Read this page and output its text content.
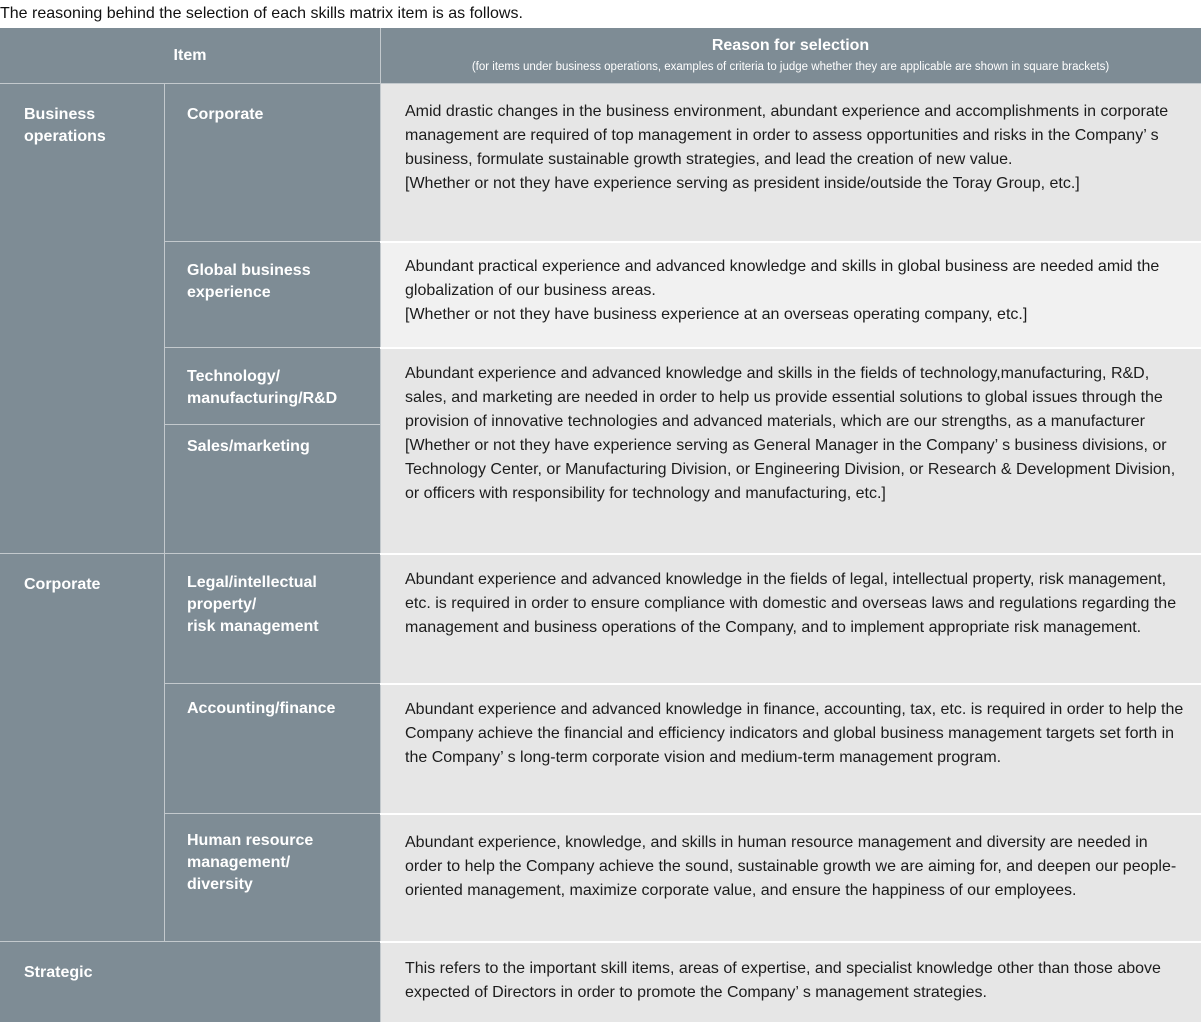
The reasoning behind the selection of each skills matrix item is as follows.
Item
Reason for selection
(for items under business operations, examples of criteria to judge whether they are applicable are shown in square brackets)
Business
operations
Corporate
Strategic
Corporate
Global business
experience
Technology/
manufacturing/R&D
Sales/marketing
Legal/intellectual
property/
risk management
Accounting/finance
Human resource
management/
diversity

Amid drastic changes in the business environment, abundant experience and accomplishments in corporate management are required of top management in order to assess opportunities and risks in the Company’ s business, formulate sustainable growth strategies, and lead the creation of new value.

[Whether or not they have experience serving as president inside/outside the Toray Group, etc.]

Abundant practical experience and advanced knowledge and skills in global business are needed amid the globalization of our business areas.

[Whether or not they have business experience at an overseas operating company, etc.]

Abundant experience and advanced knowledge and skills in the fields of technology,manufacturing, R&D, sales, and marketing are needed in order to help us provide essential solutions to global issues through the provision of innovative technologies and advanced materials, which are our strengths, as a manufacturer

[Whether or not they have experience serving as General Manager in the Company’ s business divisions, or Technology Center, or Manufacturing Division, or Engineering Division, or Research & Development Division, or officers with responsibility for technology and manufacturing, etc.]

Abundant experience and advanced knowledge in the fields of legal, intellectual property, risk management, etc. is required in order to ensure compliance with domestic and overseas laws and regulations regarding the management and business operations of the Company, and to implement appropriate risk management.

Abundant experience and advanced knowledge in finance, accounting, tax, etc. is required in order to help the Company achieve the financial and efficiency indicators and global business management targets set forth in the Company’ s long-term corporate vision and medium-term management program.

Abundant experience, knowledge, and skills in human resource management and diversity are needed in order to help the Company achieve the sound, sustainable growth we are aiming for, and deepen our people-oriented management, maximize corporate value, and ensure the happiness of our employees.

This refers to the important skill items, areas of expertise, and specialist knowledge other than those above expected of Directors in order to promote the Company’ s management strategies.
